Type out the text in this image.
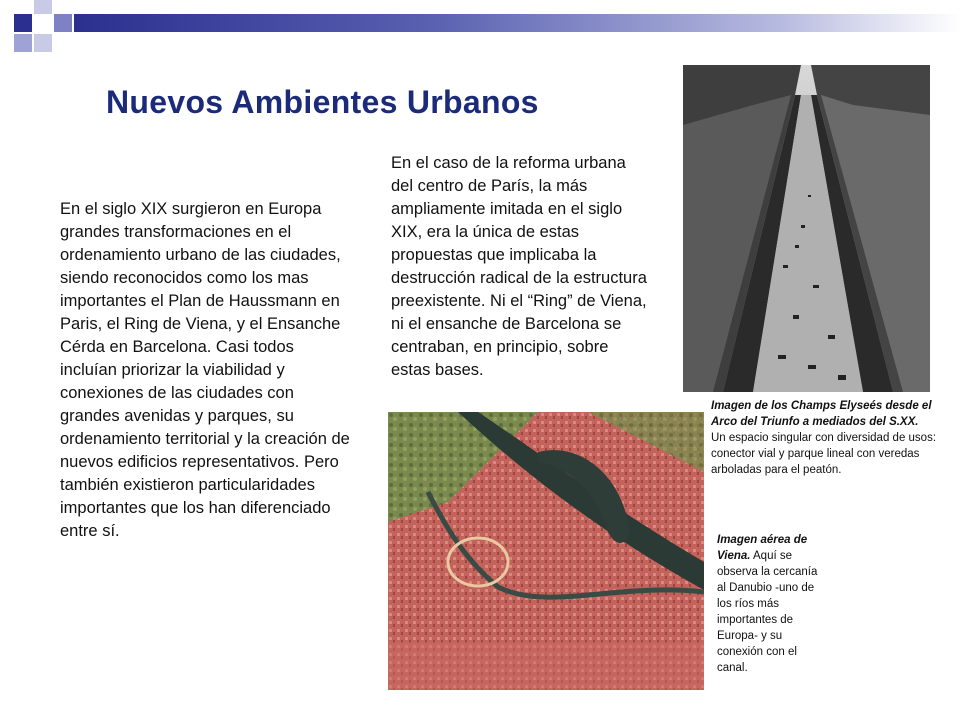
Nuevos Ambientes Urbanos

En el siglo XIX surgieron en Europa grandes transformaciones en el ordenamiento urbano de las ciudades, siendo reconocidos como los mas importantes el Plan de Haussmann en Paris, el Ring de Viena, y el Ensanche Cérda en Barcelona. Casi todos incluían priorizar la viabilidad y conexiones de las ciudades con grandes avenidas y parques, su ordenamiento territorial y la creación de nuevos edificios representativos. Pero también existieron particularidades importantes que los han diferenciado entre sí.

En el caso de la reforma urbana del centro de París, la más ampliamente imitada en el siglo XIX, era la única de estas propuestas que implicaba la destrucción radical de la estructura preexistente. Ni el “Ring” de Viena, ni el ensanche de Barcelona se centraban, en principio, sobre estas bases.

Imagen de los Champs Elyseés desde el Arco del Triunfo a mediados del S.XX.
Un espacio singular con diversidad de usos: conector vial y parque lineal con veredas arboladas para el peatón.
Imagen aérea de Viena. Aquí se observa la cercanía al Danubio -uno de los ríos más importantes de Europa- y su conexión con el canal.
